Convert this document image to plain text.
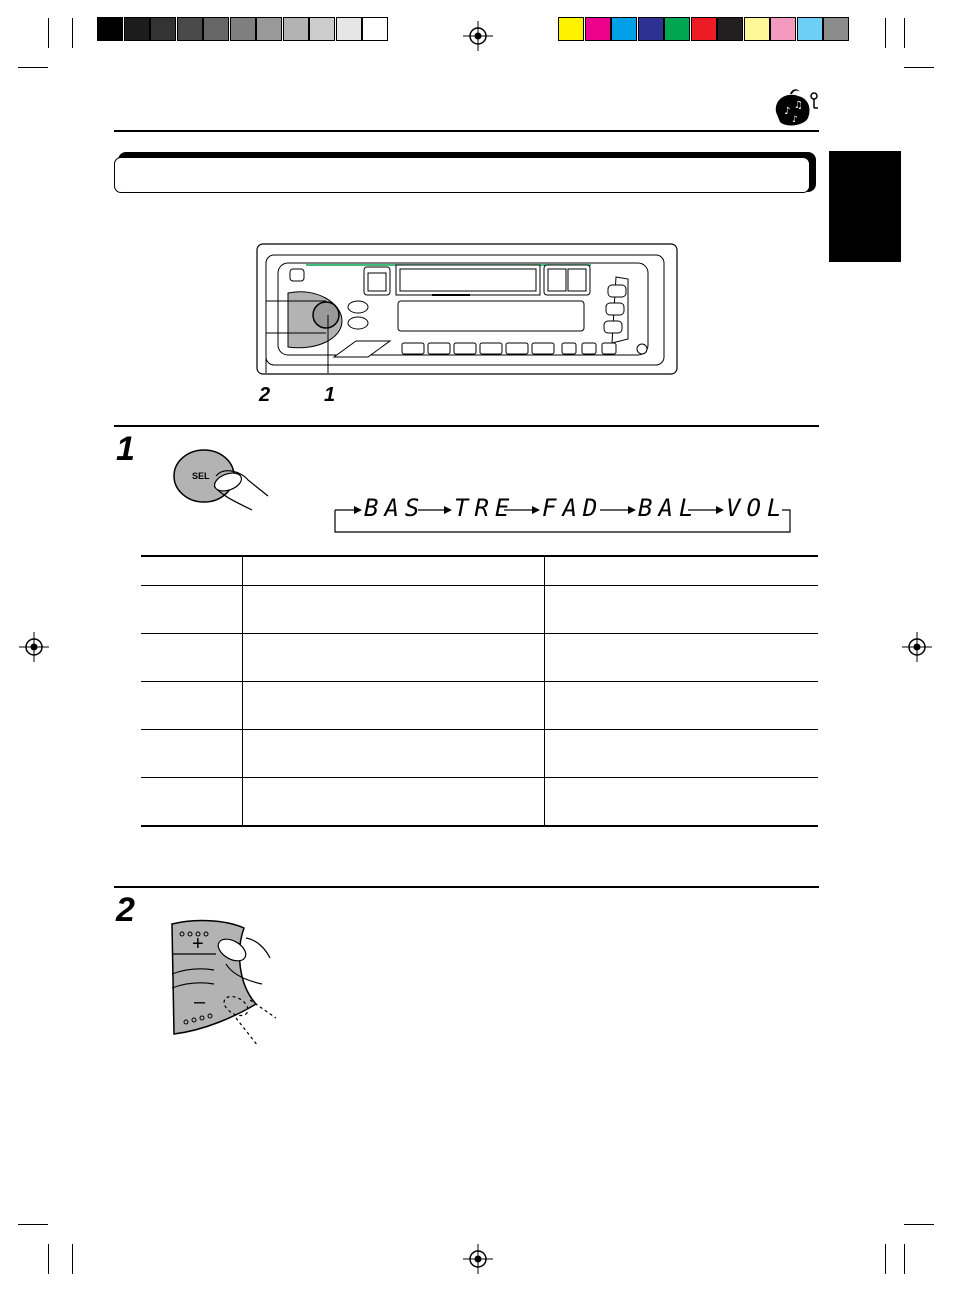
♪
♫
♪
2	1
1
SEL
BAS TRE FAD BAL VOL

2
+
–
